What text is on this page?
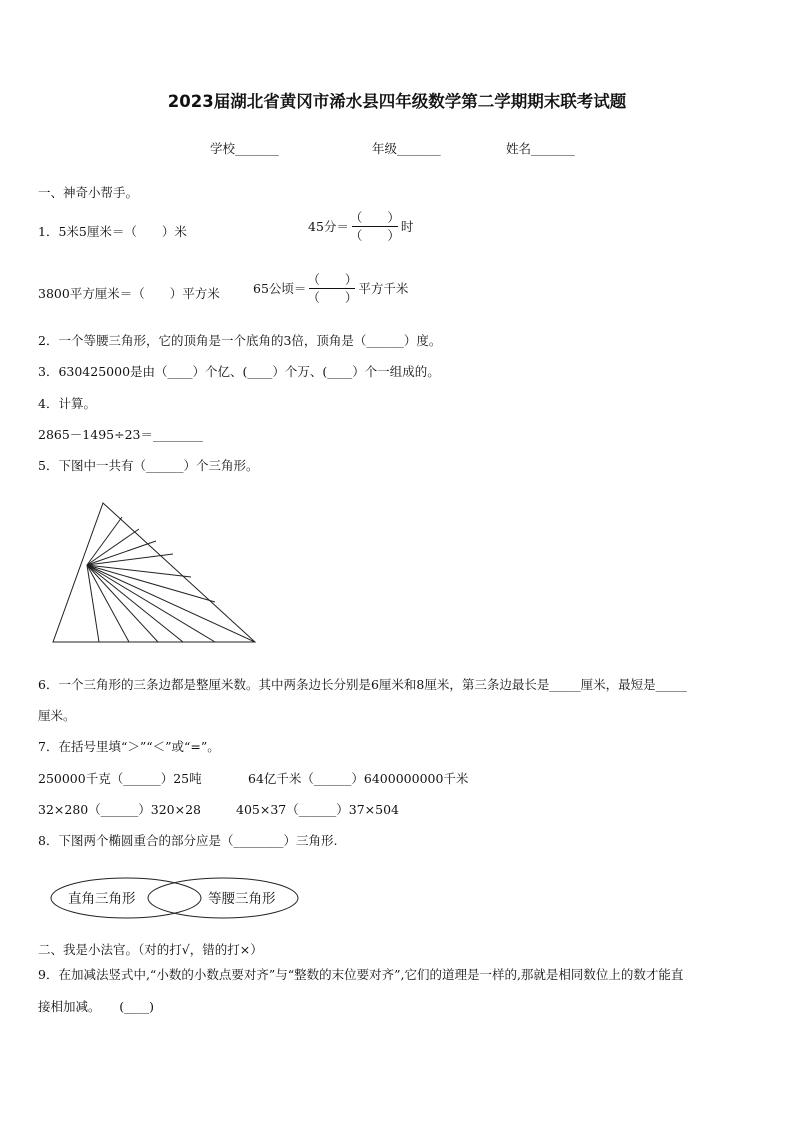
2023届湖北省黄冈市浠水县四年级数学第二学期期末联考试题
学校_______	年级_______	姓名_______
一、神奇小帮手。
1．5米5厘米＝（　　）米	45分＝ $\frac{( )}{( )}$ 时
3800平方厘米＝（　　）平方米	65公顷＝ $\frac{( )}{( )}$ 平方千米
2．一个等腰三角形，它的顶角是一个底角的3倍，顶角是（______）度。
3．630425000是由（____）个亿、(____）个万、(____）个一组成的。
4．计算。
2865－1495÷23＝________
5．下图中一共有（______）个三角形。
6．一个三角形的三条边都是整厘米数。其中两条边长分别是6厘米和8厘米，第三条边最长是_____厘米，最短是_____
厘米。
7．在括号里填“＞”“＜”或“=”。
250000千克（______）25吨	64亿千米（______）6400000000千米
32×280（______）320×28	405×37（______）37×504
8．下图两个椭圆重合的部分应是（________）三角形.
直角三角形	等腰三角形
二、我是小法官。（对的打√，错的打×）
9．在加减法竖式中,“小数的小数点要对齐”与“整数的末位要对齐”,它们的道理是一样的,那就是相同数位上的数才能直
接相加减。　　(____)
